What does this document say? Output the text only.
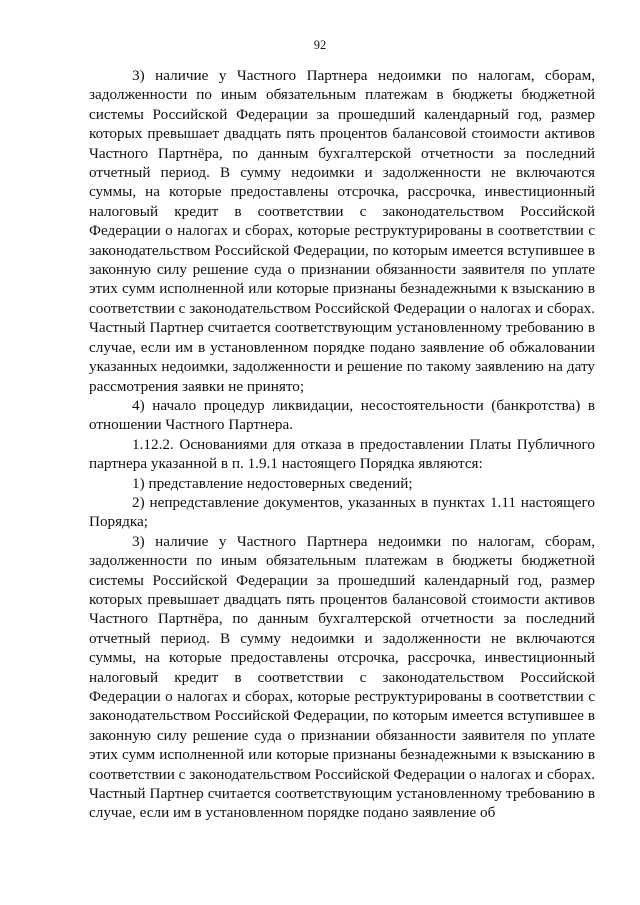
92

3) наличие у Частного Партнера недоимки по налогам, сборам, задолженности по иным обязательным платежам в бюджеты бюджетной системы Российской Федерации за прошедший календарный год, размер которых превышает двадцать пять процентов балансовой стоимости активов Частного Партнёра, по данным бухгалтерской отчетности за последний отчетный период. В сумму недоимки и задолженности не включаются суммы, на которые предоставлены отсрочка, рассрочка, инвестиционный налоговый кредит в соответствии с законодательством Российской Федерации о налогах и сборах, которые реструктурированы в соответствии с законодательством Российской Федерации, по которым имеется вступившее в законную силу решение суда о признании обязанности заявителя по уплате этих сумм исполненной или которые признаны безнадежными к взысканию в соответствии с законодательством Российской Федерации о налогах и сборах. Частный Партнер считается соответствующим установленному требованию в случае, если им в установленном порядке подано заявление об обжаловании указанных недоимки, задолженности и решение по такому заявлению на дату рассмотрения заявки не принято;

4) начало процедур ликвидации, несостоятельности (банкротства) в отношении Частного Партнера.

1.12.2. Основаниями для отказа в предоставлении Платы Публичного партнера указанной в п. 1.9.1 настоящего Порядка являются:

1) представление недостоверных сведений;

2) непредставление документов, указанных в пунктах 1.11 настоящего Порядка;

3) наличие у Частного Партнера недоимки по налогам, сборам, задолженности по иным обязательным платежам в бюджеты бюджетной системы Российской Федерации за прошедший календарный год, размер которых превышает двадцать пять процентов балансовой стоимости активов Частного Партнёра, по данным бухгалтерской отчетности за последний отчетный период. В сумму недоимки и задолженности не включаются суммы, на которые предоставлены отсрочка, рассрочка, инвестиционный налоговый кредит в соответствии с законодательством Российской Федерации о налогах и сборах, которые реструктурированы в соответствии с законодательством Российской Федерации, по которым имеется вступившее в законную силу решение суда о признании обязанности заявителя по уплате этих сумм исполненной или которые признаны безнадежными к взысканию в соответствии с законодательством Российской Федерации о налогах и сборах. Частный Партнер считается соответствующим установленному требованию в случае, если им в установленном порядке подано заявление об
